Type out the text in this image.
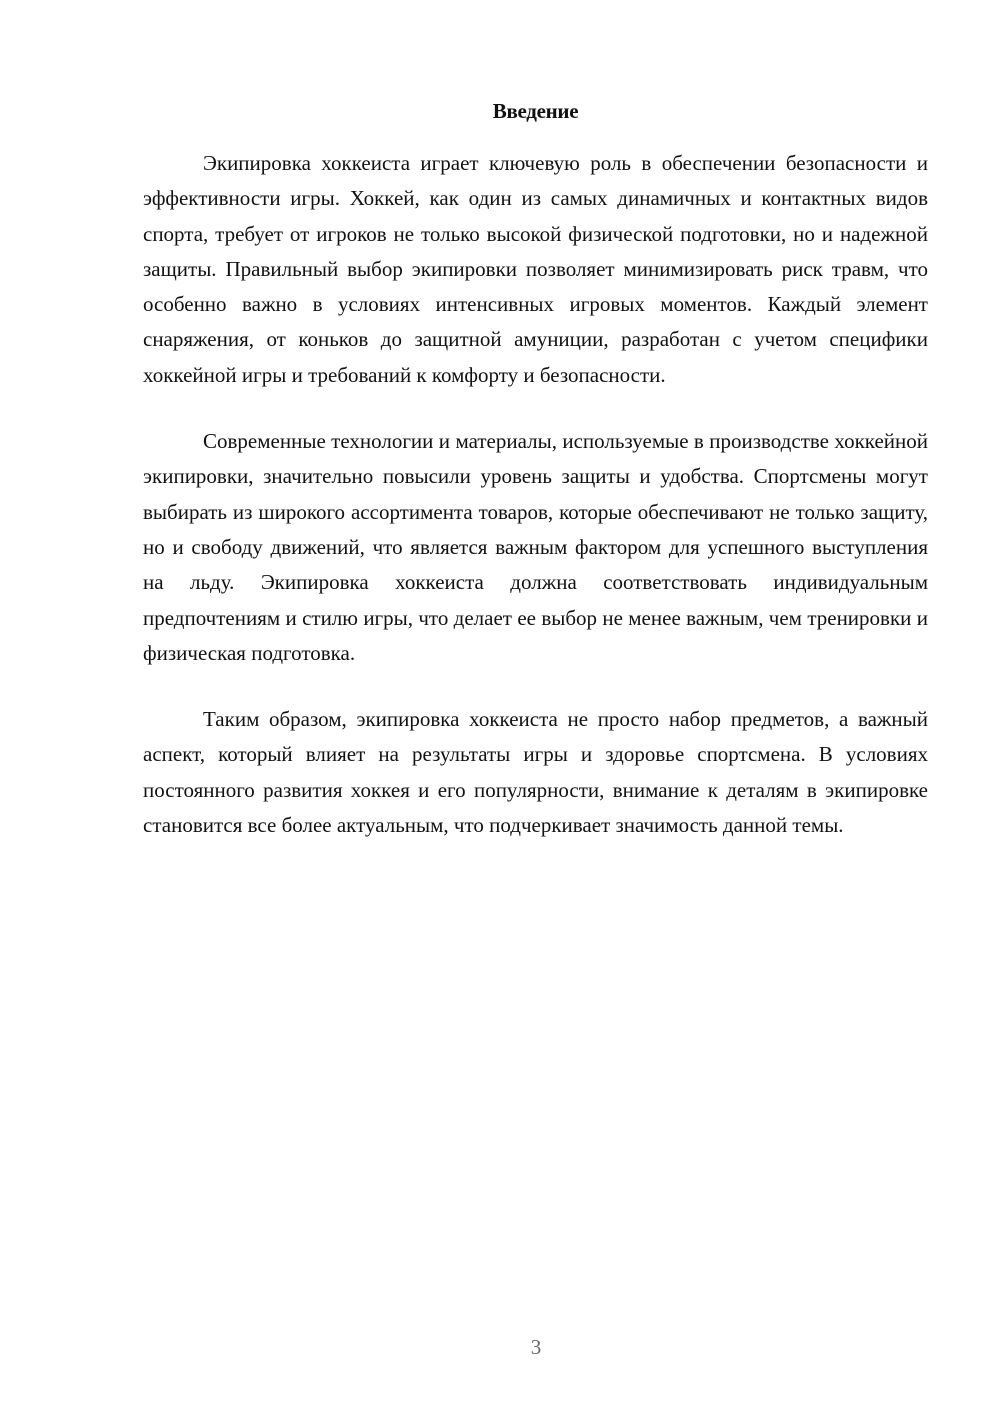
Введение

Экипировка хоккеиста играет ключевую роль в обеспечении безопасности и эффективности игры. Хоккей, как один из самых динамичных и контактных видов спорта, требует от игроков не только высокой физической подготовки, но и надежной защиты. Правильный выбор экипировки позволяет минимизировать риск травм, что особенно важно в условиях интенсивных игровых моментов. Каждый элемент снаряжения, от коньков до защитной амуниции, разработан с учетом специфики хоккейной игры и требований к комфорту и безопасности.

Современные технологии и материалы, используемые в производстве хоккейной экипировки, значительно повысили уровень защиты и удобства. Спортсмены могут выбирать из широкого ассортимента товаров, которые обеспечивают не только защиту, но и свободу движений, что является важным фактором для успешного выступления на льду. Экипировка хоккеиста должна соответствовать индивидуальным предпочтениям и стилю игры, что делает ее выбор не менее важным, чем тренировки и физическая подготовка.

Таким образом, экипировка хоккеиста не просто набор предметов, а важный аспект, который влияет на результаты игры и здоровье спортсмена. В условиях постоянного развития хоккея и его популярности, внимание к деталям в экипировке становится все более актуальным, что подчеркивает значимость данной темы.

3
